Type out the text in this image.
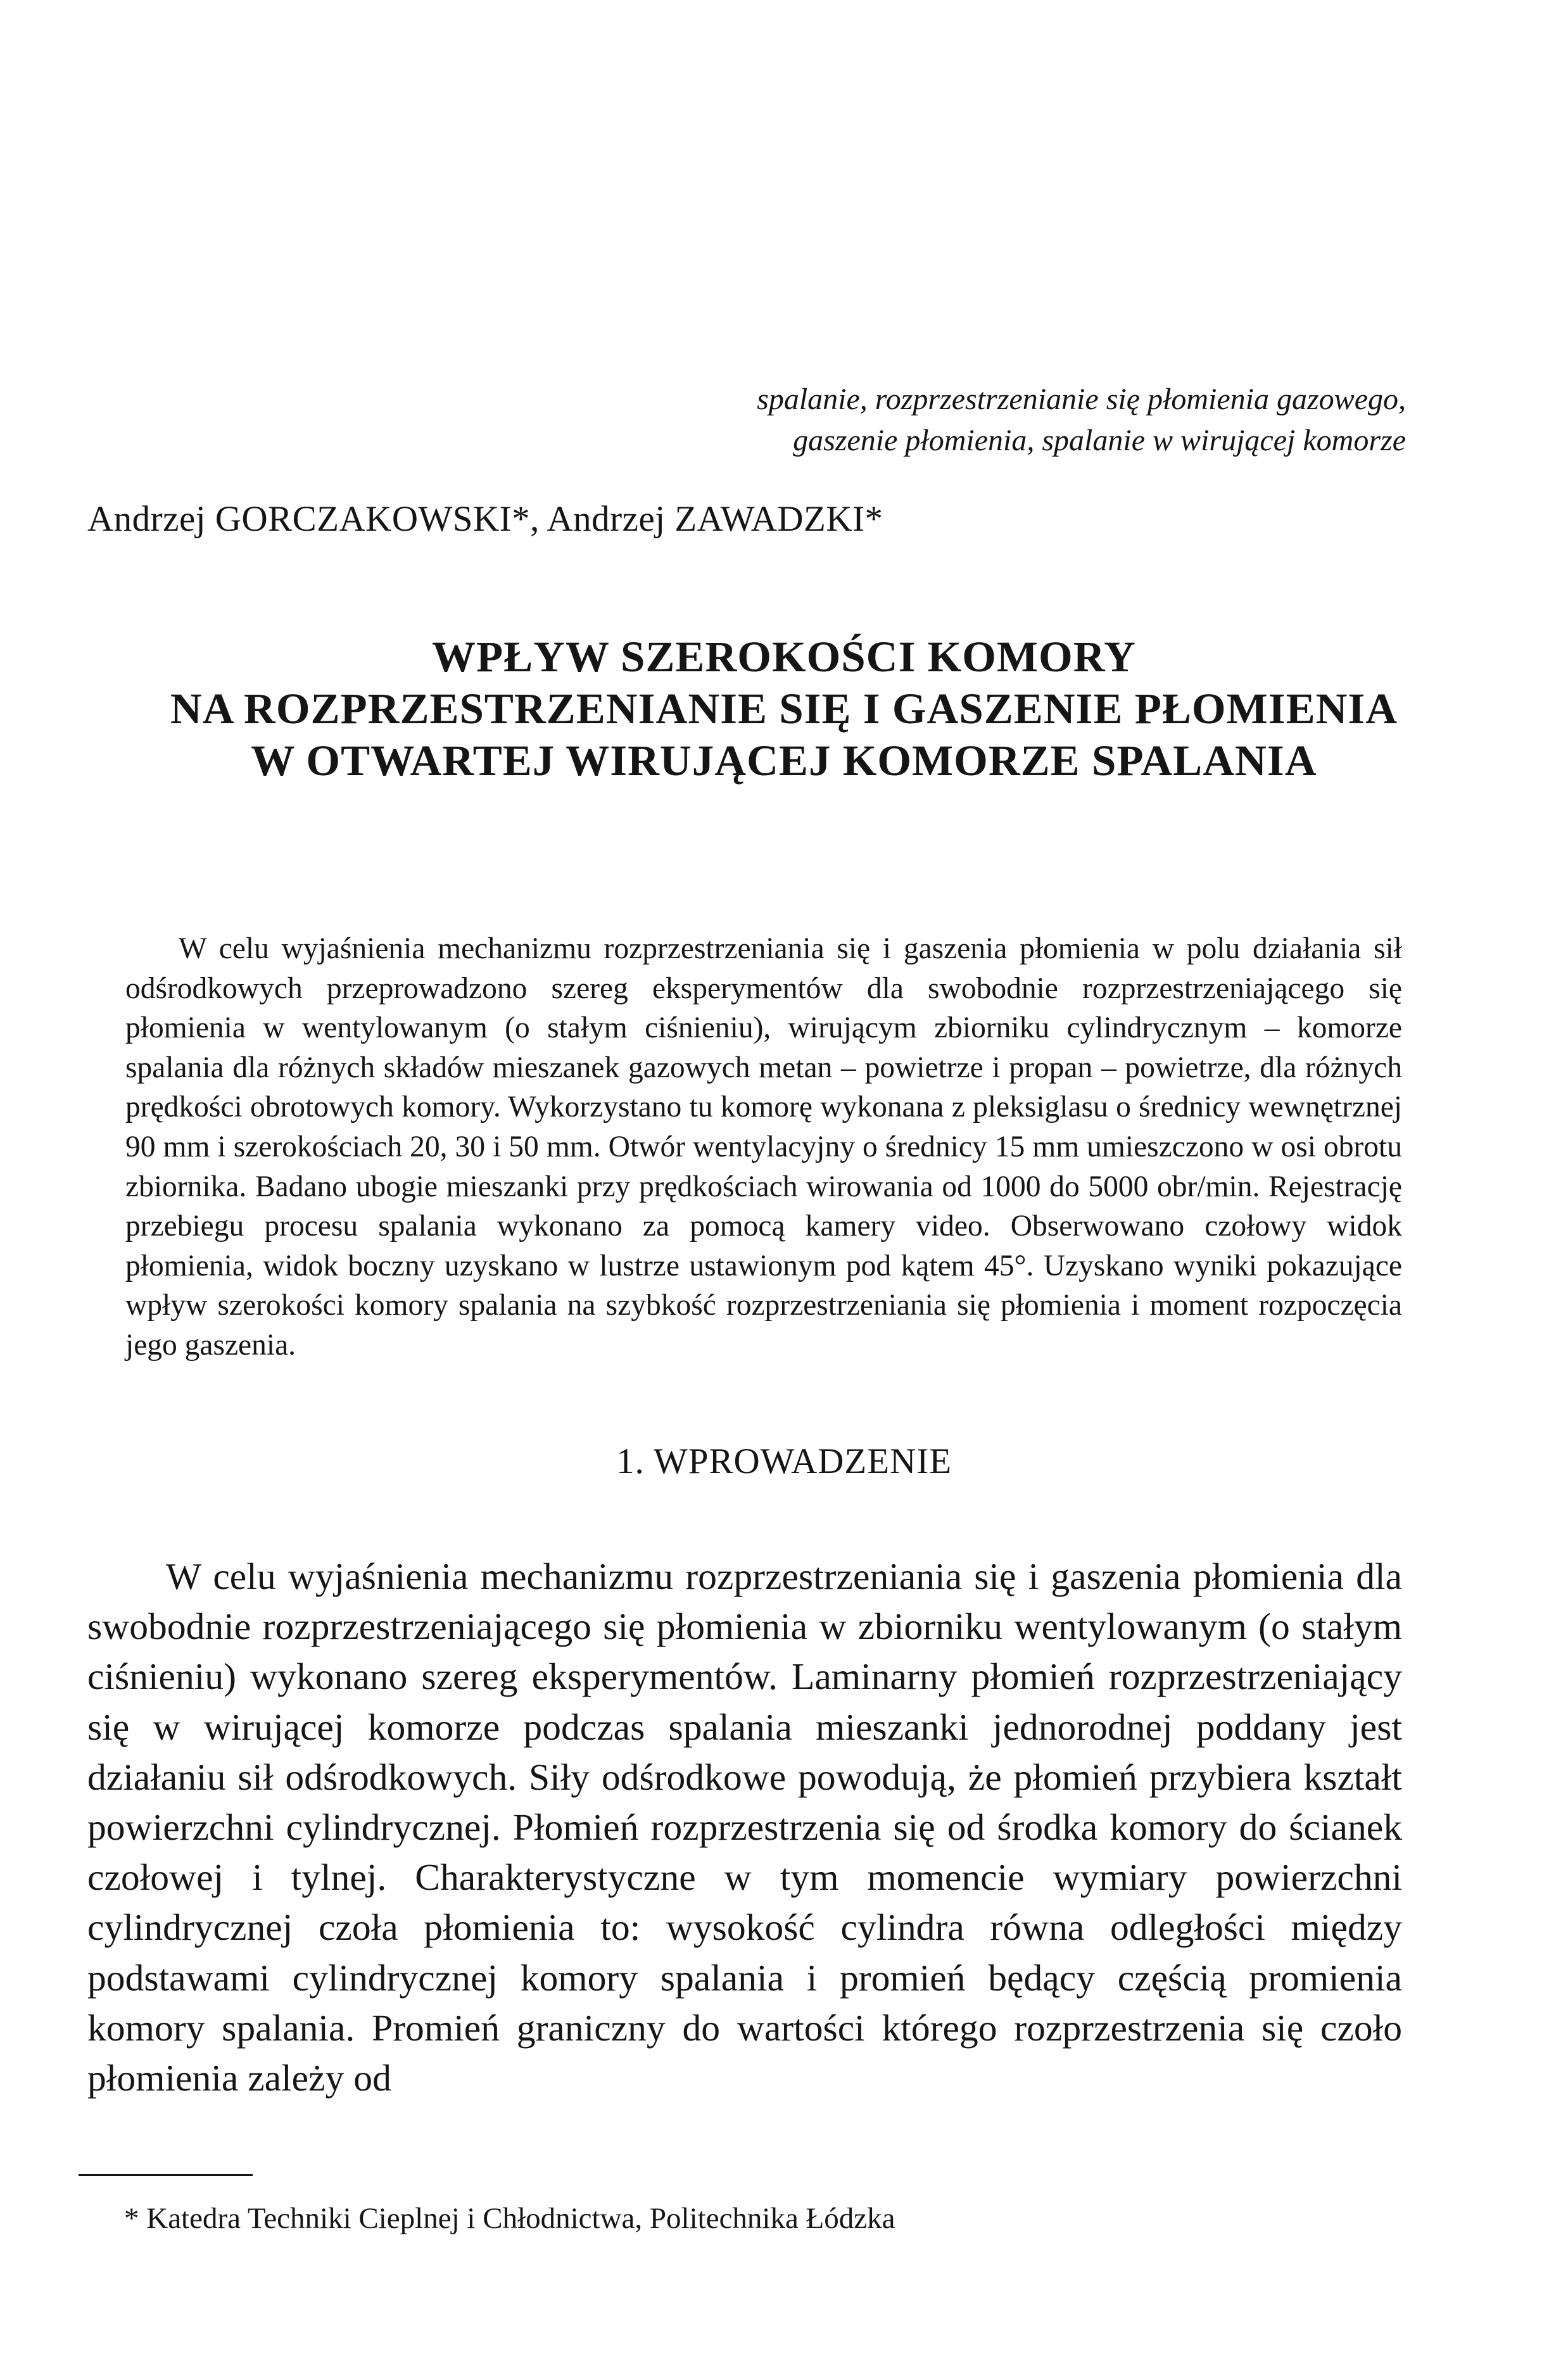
spalanie, rozprzestrzenianie się płomienia gazowego,
gaszenie płomienia, spalanie w wirującej komorze
Andrzej GORCZAKOWSKI*, Andrzej ZAWADZKI*
WPŁYW SZEROKOŚCI KOMORY
NA ROZPRZESTRZENIANIE SIĘ I GASZENIE PŁOMIENIA
W OTWARTEJ WIRUJĄCEJ KOMORZE SPALANIA

W celu wyjaśnienia mechanizmu rozprzestrzeniania się i gaszenia płomienia w polu działania sił odśrodkowych przeprowadzono szereg eksperymentów dla swobodnie rozprzestrzeniającego się płomienia w wentylowanym (o stałym ciśnieniu), wirującym zbiorniku cylindrycznym – komorze spalania dla różnych składów mieszanek gazowych metan – powietrze i propan – powietrze, dla różnych prędkości obrotowych komory. Wykorzystano tu komorę wykonana z pleksiglasu o średnicy wewnętrznej 90 mm i szerokościach 20, 30 i 50 mm. Otwór wentylacyjny o średnicy 15 mm umieszczono w osi obrotu zbiornika. Badano ubogie mieszanki przy prędkościach wirowania od 1000 do 5000 obr/min. Rejestrację przebiegu procesu spalania wykonano za pomocą kamery video. Obserwowano czołowy widok płomienia, widok boczny uzyskano w lustrze ustawionym pod kątem 45°. Uzyskano wyniki pokazujące wpływ szerokości komory spalania na szybkość rozprzestrzeniania się płomienia i moment rozpoczęcia jego gaszenia.

1. WPROWADZENIE

W celu wyjaśnienia mechanizmu rozprzestrzeniania się i gaszenia płomienia dla swobodnie rozprzestrzeniającego się płomienia w zbiorniku wentylowanym (o stałym ciśnieniu) wykonano szereg eksperymentów. Laminarny płomień rozprzestrzeniający się w wirującej komorze podczas spalania mieszanki jednorodnej poddany jest działaniu sił odśrodkowych. Siły odśrodkowe powodują, że płomień przybiera kształt powierzchni cylindrycznej. Płomień rozprzestrzenia się od środka komory do ścianek czołowej i tylnej. Charakterystyczne w tym momencie wymiary powierzchni cylindrycznej czoła płomienia to: wysokość cylindra równa odległości między podstawami cylindrycznej komory spalania i promień będący częścią promienia komory spalania. Promień graniczny do wartości którego rozprzestrzenia się czoło płomienia zależy od

* Katedra Techniki Cieplnej i Chłodnictwa, Politechnika Łódzka
